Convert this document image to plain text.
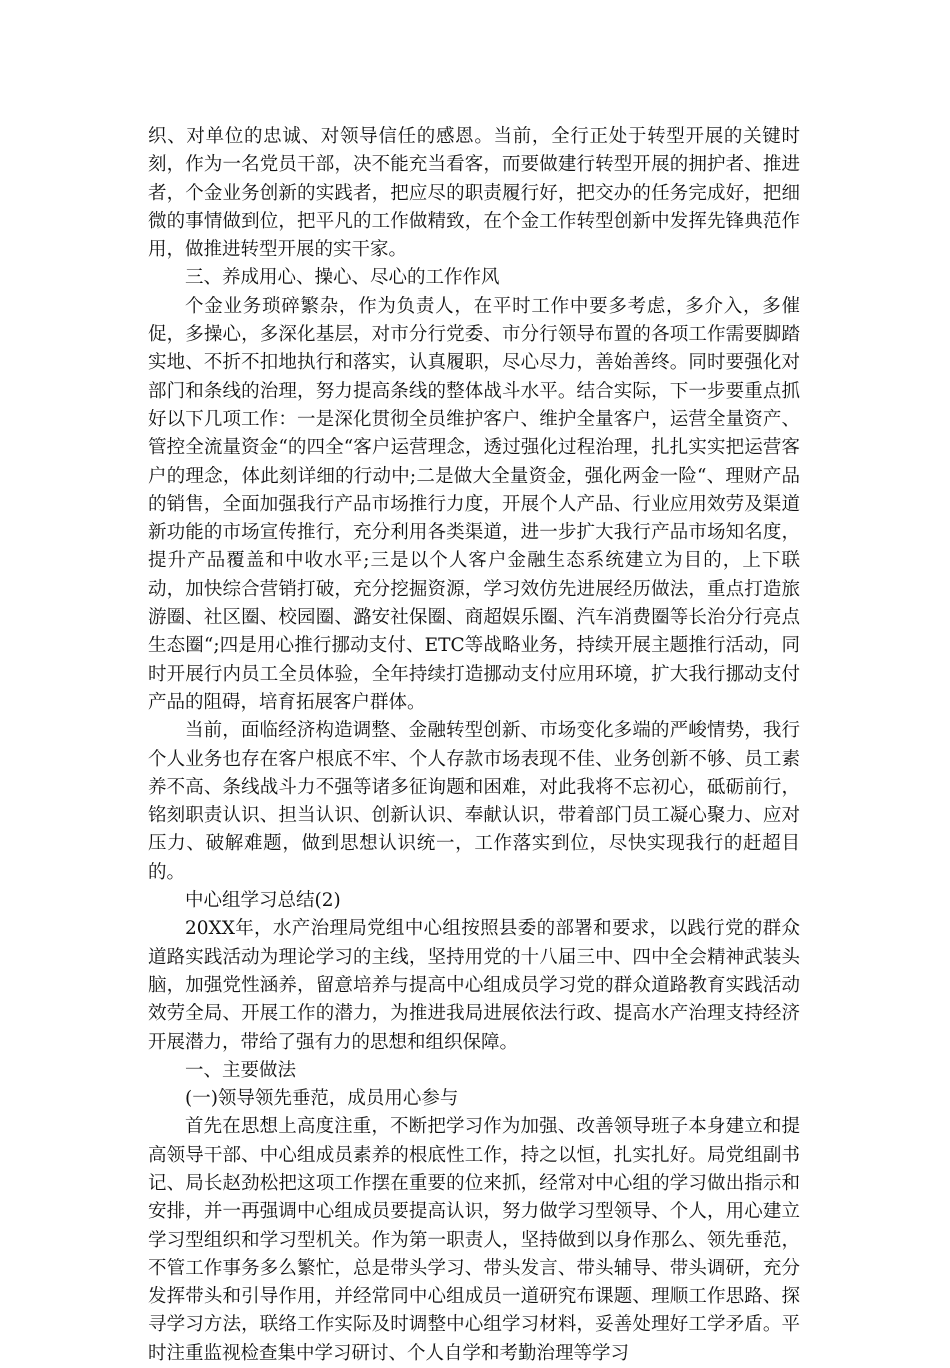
织、对单位的忠诚、对领导信任的感恩。当前，全行正处于转型开展的关键时刻，作为一名党员干部，决不能充当看客，而要做建行转型开展的拥护者、推进者，个金业务创新的实践者，把应尽的职责履行好，把交办的任务完成好，把细微的事情做到位，把平凡的工作做精致，在个金工作转型创新中发挥先锋典范作用，做推进转型开展的实干家。

三、养成用心、操心、尽心的工作作风

个金业务琐碎繁杂，作为负责人，在平时工作中要多考虑，多介入，多催促，多操心，多深化基层，对市分行党委、市分行领导布置的各项工作需要脚踏实地、不折不扣地执行和落实，认真履职，尽心尽力，善始善终。同时要强化对部门和条线的治理，努力提高条线的整体战斗水平。结合实际，下一步要重点抓好以下几项工作：一是深化贯彻全员维护客户、维护全量客户，运营全量资产、管控全流量资金“的四全“客户运营理念，透过强化过程治理，扎扎实实把运营客户的理念，体此刻详细的行动中;二是做大全量资金，强化两金一险“、理财产品的销售，全面加强我行产品市场推行力度，开展个人产品、行业应用效劳及渠道新功能的市场宣传推行，充分利用各类渠道，进一步扩大我行产品市场知名度，提升产品覆盖和中收水平;三是以个人客户金融生态系统建立为目的，上下联动，加快综合营销打破，充分挖掘资源，学习效仿先进展经历做法，重点打造旅游圈、社区圈、校园圈、潞安社保圈、商超娱乐圈、汽车消费圈等长治分行亮点生态圈“;四是用心推行挪动支付、ETC等战略业务，持续开展主题推行活动，同时开展行内员工全员体验，全年持续打造挪动支付应用环境，扩大我行挪动支付产品的阻碍，培育拓展客户群体。

当前，面临经济构造调整、金融转型创新、市场变化多端的严峻情势，我行个人业务也存在客户根底不牢、个人存款市场表现不佳、业务创新不够、员工素养不高、条线战斗力不强等诸多征询题和困难，对此我将不忘初心，砥砺前行，铭刻职责认识、担当认识、创新认识、奉献认识，带着部门员工凝心聚力、应对压力、破解难题，做到思想认识统一，工作落实到位，尽快实现我行的赶超目的。

中心组学习总结(2)

20XX年，水产治理局党组中心组按照县委的部署和要求，以践行党的群众道路实践活动为理论学习的主线，坚持用党的十八届三中、四中全会精神武装头脑，加强党性涵养，留意培养与提高中心组成员学习党的群众道路教育实践活动效劳全局、开展工作的潜力，为推进我局进展依法行政、提高水产治理支持经济开展潜力，带给了强有力的思想和组织保障。

一、主要做法

(一)领导领先垂范，成员用心参与

首先在思想上高度注重，不断把学习作为加强、改善领导班子本身建立和提高领导干部、中心组成员素养的根底性工作，持之以恒，扎实扎好。局党组副书记、局长赵劲松把这项工作摆在重要的位来抓，经常对中心组的学习做出指示和安排，并一再强调中心组成员要提高认识，努力做学习型领导、个人，用心建立学习型组织和学习型机关。作为第一职责人，坚持做到以身作那么、领先垂范，不管工作事务多么繁忙，总是带头学习、带头发言、带头辅导、带头调研，充分发挥带头和引导作用，并经常同中心组成员一道研究布课题、理顺工作思路、探寻学习方法，联络工作实际及时调整中心组学习材料，妥善处理好工学矛盾。平时注重监视检查集中学习研讨、个人自学和考勤治理等学习
